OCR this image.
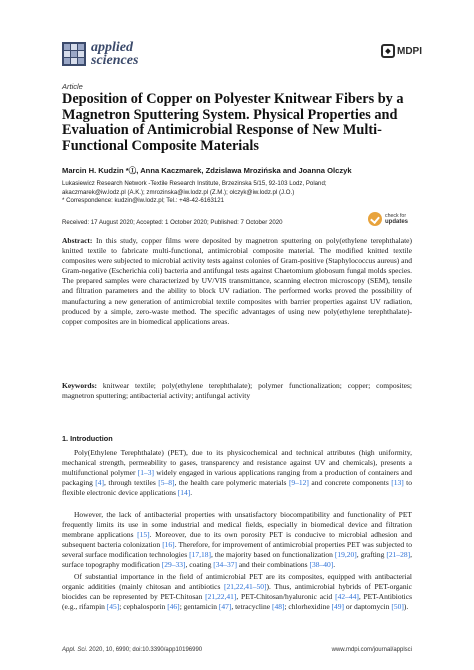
applied
sciences
◆ MDPI
Article
Deposition of Copper on Polyester Knitwear Fibers by a Magnetron Sputtering System. Physical Properties and Evaluation of Antimicrobial Response of New Multi-Functional Composite Materials
Marcin H. Kudzin *Ⓘ, Anna Kaczmarek, Zdzislawa Mrozińska and Joanna Olczyk
Lukasiewicz Research Network -Textile Research Institute, Brzezinska 5/15, 92-103 Lodz, Poland;
akaczmarek@iw.lodz.pl (A.K.); zmrozinska@iw.lodz.pl (Z.M.); olczyk@iw.lodz.pl (J.O.)
* Correspondence: kudzin@iw.lodz.pl; Tel.: +48-42-6163121
check for
updates
Received: 17 August 2020; Accepted: 1 October 2020; Published: 7 October 2020

Abstract: In this study, copper films were deposited by magnetron sputtering on poly(ethylene terephthalate) knitted textile to fabricate multi-functional, antimicrobial composite material. The modified knitted textile composites were subjected to microbial activity tests against colonies of Gram-positive (Staphylococcus aureus) and Gram-negative (Escherichia coli) bacteria and antifungal tests against Chaetomium globosum fungal molds species. The prepared samples were characterized by UV/VIS transmittance, scanning electron microscopy (SEM), tensile and filtration parameters and the ability to block UV radiation. The performed works proved the possibility of manufacturing a new generation of antimicrobial textile composites with barrier properties against UV radiation, produced by a simple, zero-waste method. The specific advantages of using new poly(ethylene terephthalate)-copper composites are in biomedical applications areas.

Keywords: knitwear textile; poly(ethylene terephthalate); polymer functionalization; copper; composites; magnetron sputtering; antibacterial activity; antifungal activity

1. Introduction

Poly(Ethylene Terephthalate) (PET), due to its physicochemical and technical attributes (high uniformity, mechanical strength, permeability to gases, transparency and resistance against UV and chemicals), presents a multifunctional polymer [1–3] widely engaged in various applications ranging from a production of containers and packaging [4], through textiles [5–8], the health care polymeric materials [9–12] and concrete components [13] to flexible electronic device applications [14].

However, the lack of antibacterial properties with unsatisfactory biocompatibility and functionality of PET frequently limits its use in some industrial and medical fields, especially in biomedical device and filtration membrane applications [15]. Moreover, due to its own porosity PET is conducive to microbial adhesion and subsequent bacteria colonization [16]. Therefore, for improvement of antimicrobial properties PET was subjected to several surface modification technologies [17,18], the majority based on functionalization [19,20], grafting [21–28], surface topography modification [29–33], coating [34–37] and their combinations [38–40].

Of substantial importance in the field of antimicrobial PET are its composites, equipped with antibacterial organic additities (mainly chitosan and antibiotics [21,22,41–50]). Thus, antimicrobial hybrids of PET-organic biocides can be represented by PET-Chitosan [21,22,41], PET-Chitosan/hyaluronic acid [42–44], PET-Antibiotics (e.g., rifampin [45]; cephalosporin [46]; gentamicin [47], tetracycline [48]; chlorhexidine [49] or daptomycin [50]).

Appl. Sci. 2020, 10, 6990; doi:10.3390/app10196990	www.mdpi.com/journal/applsci
